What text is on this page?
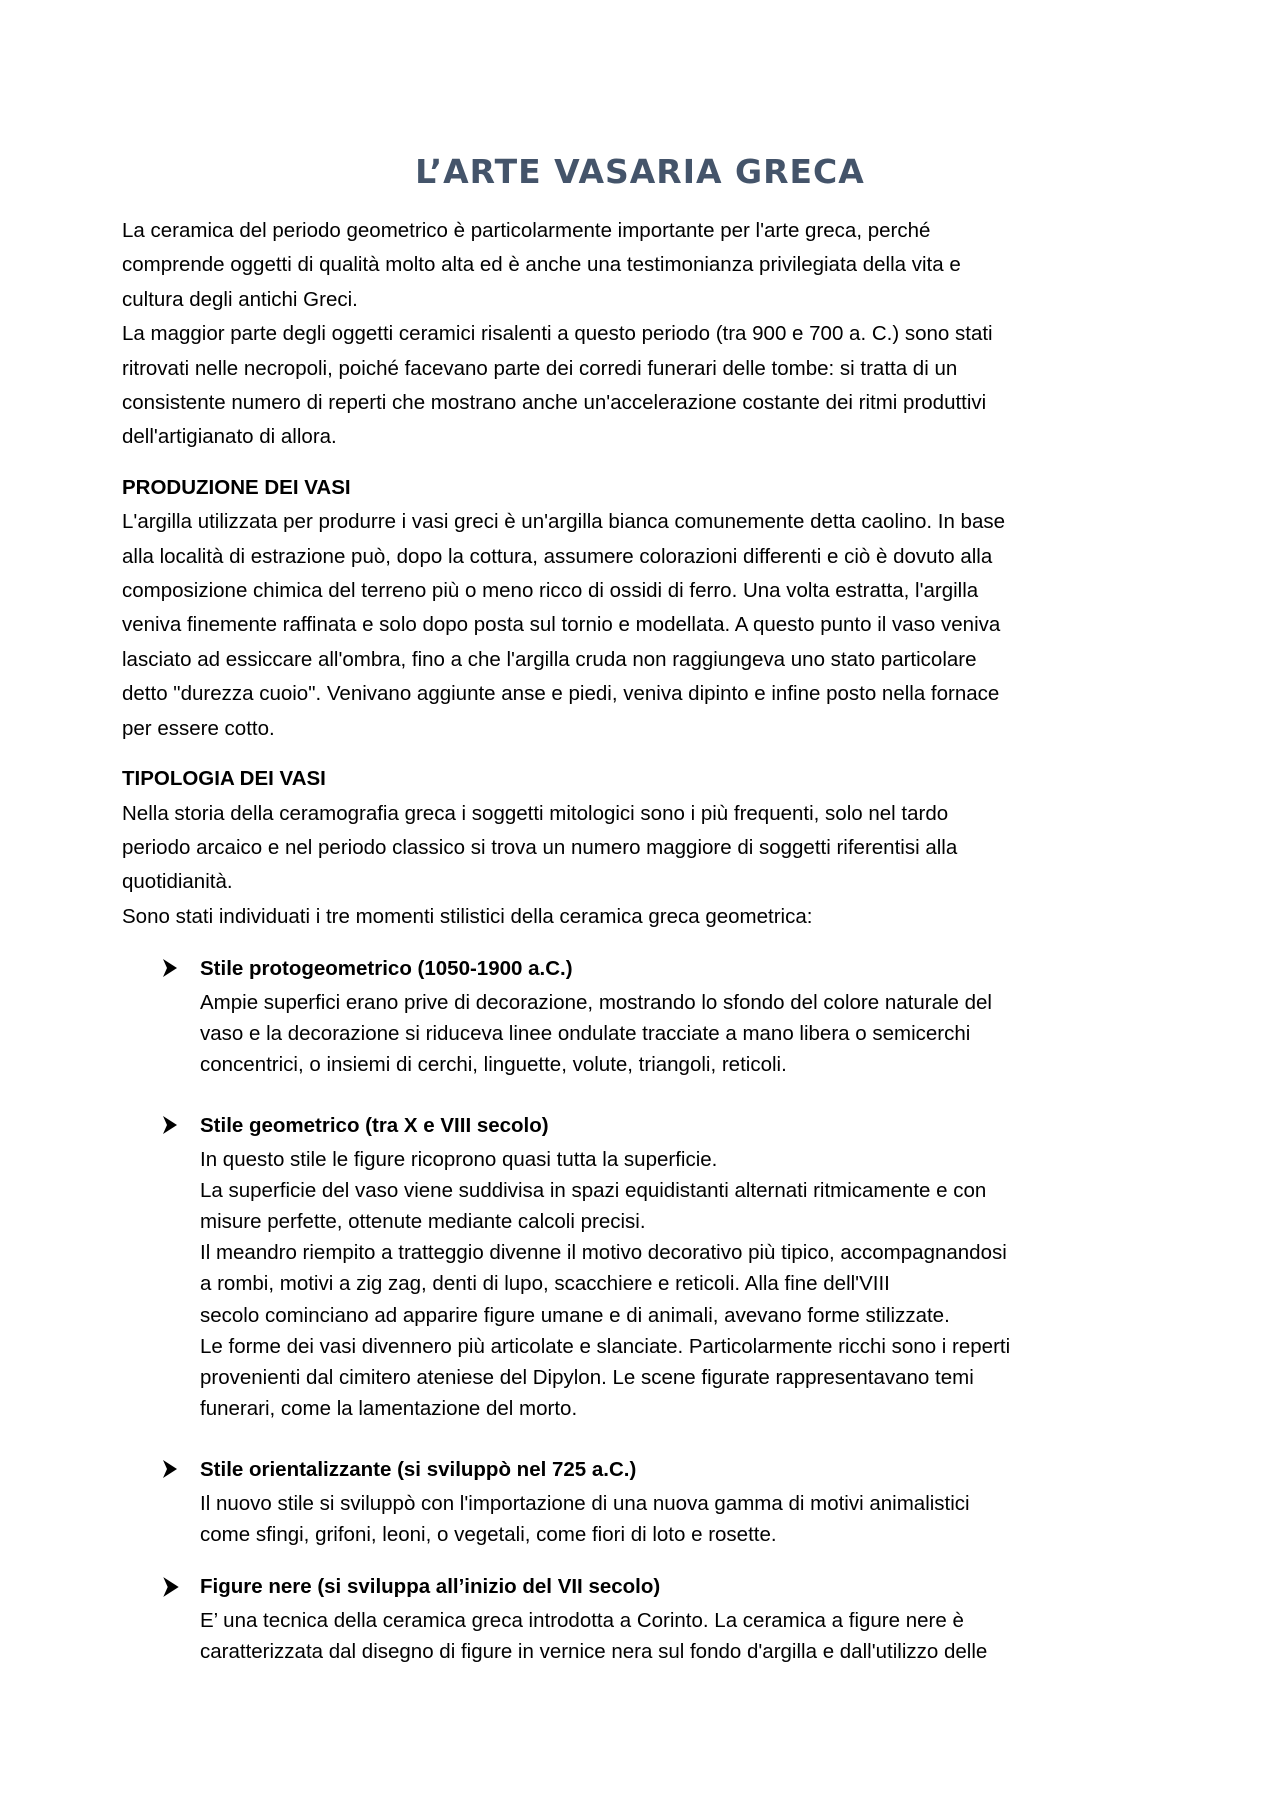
L’ARTE VASARIA GRECA

La ceramica del periodo geometrico è particolarmente importante per l'arte greca, perché

comprende oggetti di qualità molto alta ed è anche una testimonianza privilegiata della vita e

cultura degli antichi Greci.

La maggior parte degli oggetti ceramici risalenti a questo periodo (tra 900 e 700 a. C.) sono stati

ritrovati nelle necropoli, poiché facevano parte dei corredi funerari delle tombe: si tratta di un

consistente numero di reperti che mostrano anche un'accelerazione costante dei ritmi produttivi

dell'artigianato di allora.

PRODUZIONE DEI VASI

L'argilla utilizzata per produrre i vasi greci è un'argilla bianca comunemente detta caolino. In base

alla località di estrazione può, dopo la cottura, assumere colorazioni differenti e ciò è dovuto alla

composizione chimica del terreno più o meno ricco di ossidi di ferro. Una volta estratta, l'argilla

veniva finemente raffinata e solo dopo posta sul tornio e modellata. A questo punto il vaso veniva

lasciato ad essiccare all'ombra, fino a che l'argilla cruda non raggiungeva uno stato particolare

detto "durezza cuoio". Venivano aggiunte anse e piedi, veniva dipinto e infine posto nella fornace

per essere cotto.

TIPOLOGIA DEI VASI

Nella storia della ceramografia greca i soggetti mitologici sono i più frequenti, solo nel tardo

periodo arcaico e nel periodo classico si trova un numero maggiore di soggetti riferentisi alla

quotidianità.

Sono stati individuati i tre momenti stilistici della ceramica greca geometrica:

Stile protogeometrico (1050-1900 a.C.)

Ampie superfici erano prive di decorazione, mostrando lo sfondo del colore naturale del

vaso e la decorazione si riduceva linee ondulate tracciate a mano libera o semicerchi

concentrici, o insiemi di cerchi, linguette, volute, triangoli, reticoli.

Stile geometrico (tra X e VIII secolo)

In questo stile le figure ricoprono quasi tutta la superficie.

La superficie del vaso viene suddivisa in spazi equidistanti alternati ritmicamente e con

misure perfette, ottenute mediante calcoli precisi.

Il meandro riempito a tratteggio divenne il motivo decorativo più tipico, accompagnandosi

a rombi, motivi a zig zag, denti di lupo, scacchiere e reticoli. Alla fine dell'VIII

secolo cominciano ad apparire figure umane e di animali, avevano forme stilizzate.

Le forme dei vasi divennero più articolate e slanciate. Particolarmente ricchi sono i reperti

provenienti dal cimitero ateniese del Dipylon. Le scene figurate rappresentavano temi

funerari, come la lamentazione del morto.

Stile orientalizzante (si sviluppò nel 725 a.C.)

Il nuovo stile si sviluppò con l'importazione di una nuova gamma di motivi animalistici

come sfingi, grifoni, leoni, o vegetali, come fiori di loto e rosette.

Figure nere (si sviluppa all’inizio del VII secolo)

E’ una tecnica della ceramica greca introdotta a Corinto. La ceramica a figure nere è

caratterizzata dal disegno di figure in vernice nera sul fondo d'argilla e dall'utilizzo delle
